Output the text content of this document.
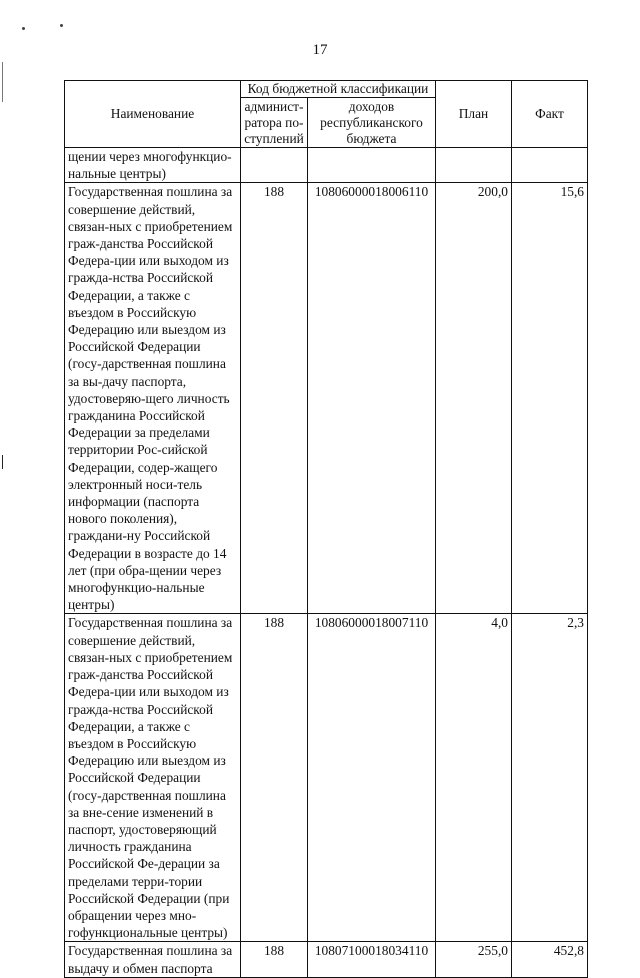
17
Наименование	Код бюджетной классификации		План	Факт
	админист-ратора по-ступлений	доходов республиканского бюджета		
щении через многофункцио-нальные центры)				
Государственная пошлина за совершение действий, связан-ных с приобретением граж-данства Российской Федера-ции или выходом из гражда-нства Российской Федерации, а также с въездом в Российскую Федерацию или выездом из Российской Федерации (госу-дарственная пошлина за вы-дачу паспорта, удостоверяю-щего личность гражданина Российской Федерации за пределами территории Рос-сийской Федерации, содер-жащего электронный носи-тель информации (паспорта нового поколения), граждани-ну Российской Федерации в возрасте до 14 лет (при обра-щении через многофункцио-нальные центры)	188	10806000018006110	200,0	15,6
Государственная пошлина за совершение действий, связан-ных с приобретением граж-данства Российской Федера-ции или выходом из гражда-нства Российской Федерации, а также с въездом в Российскую Федерацию или выездом из Российской Федерации (госу-дарственная пошлина за вне-сение изменений в паспорт, удостоверяющий личность гражданина Российской Фе-дерации за пределами терри-тории Российской Федерации (при обращении через мно-гофункциональные центры)	188	10806000018007110	4,0	2,3
Государственная пошлина за выдачу и обмен паспорта	188	10807100018034110	255,0	452,8
